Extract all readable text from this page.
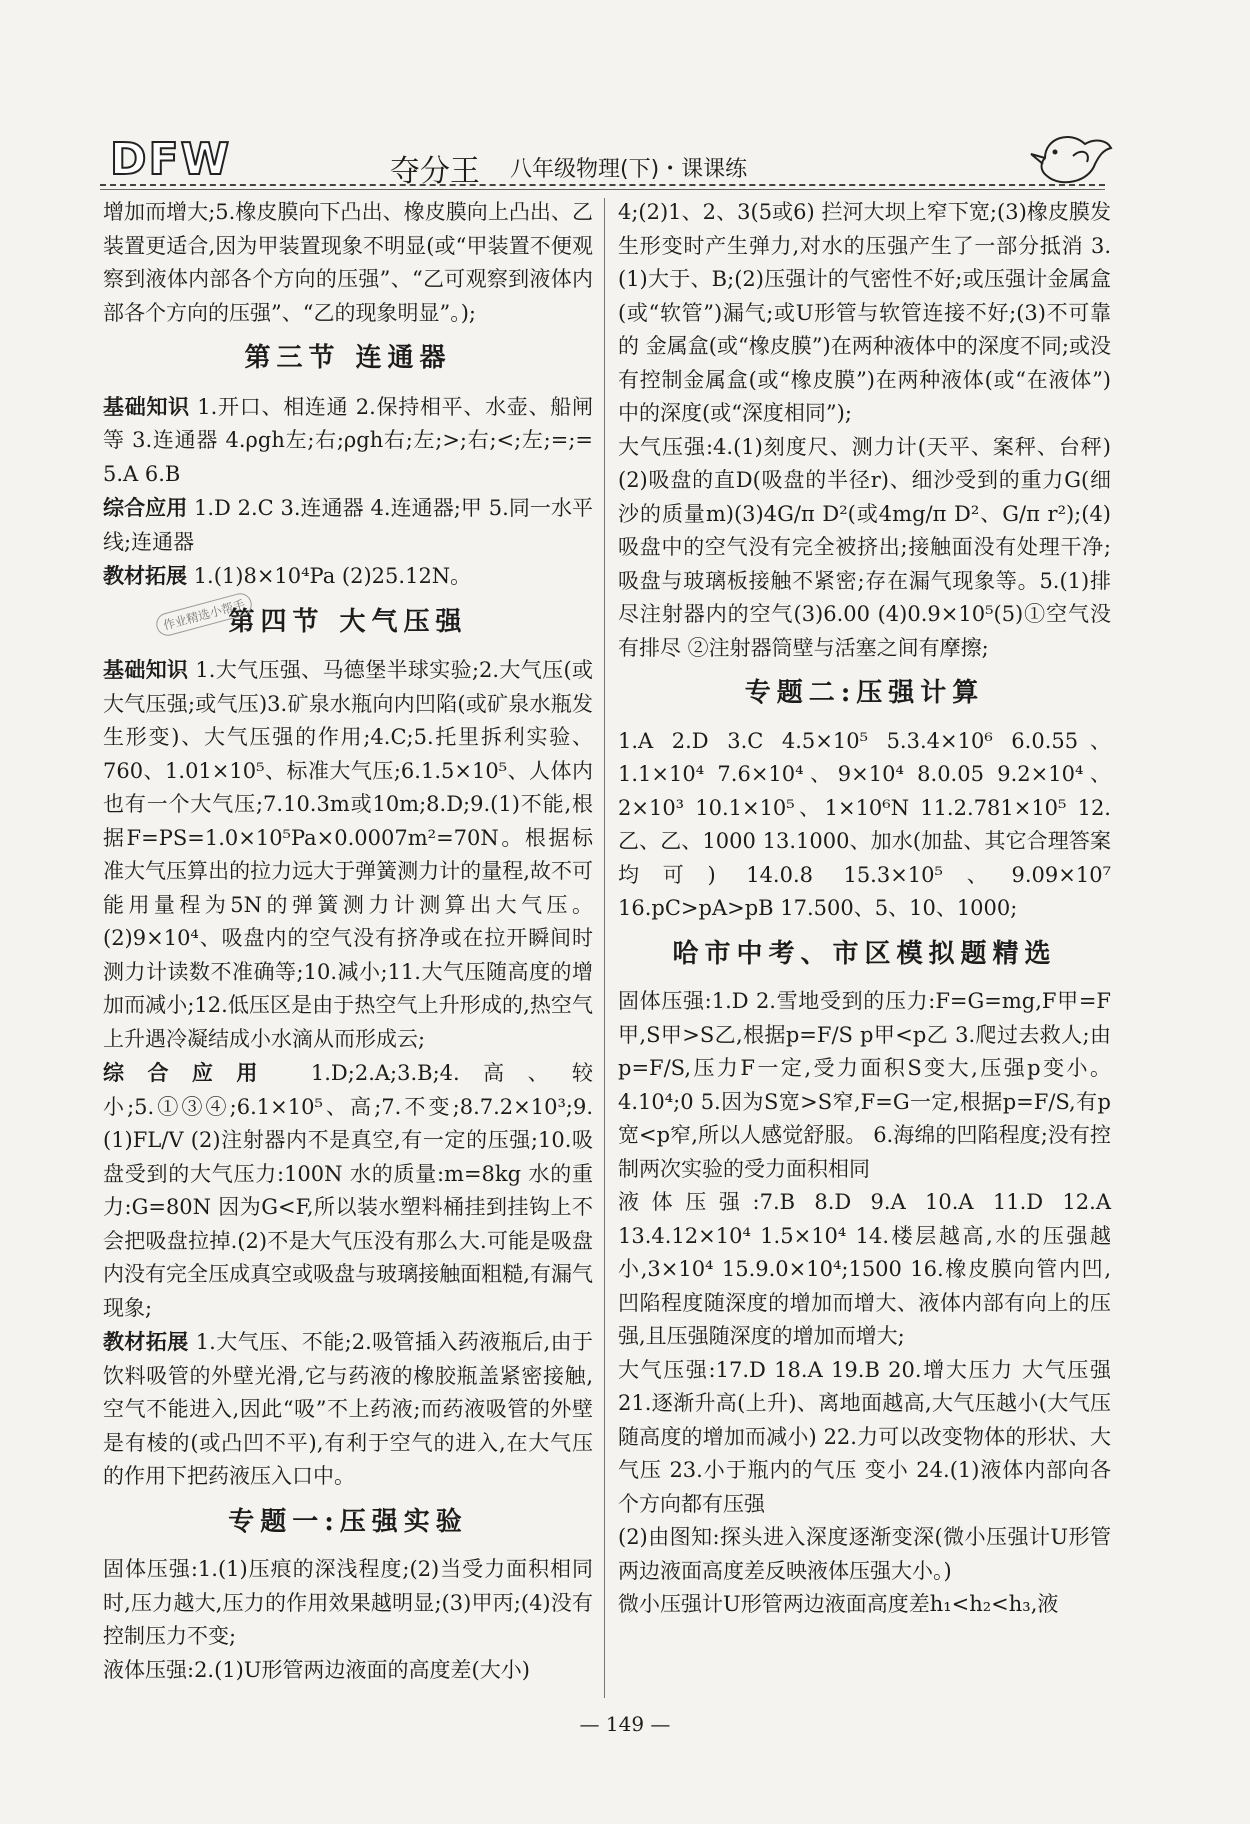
DFW	夺分王 八年级物理(下)・课课练
增加而增大;5.橡皮膜向下凸出、橡皮膜向上凸出、乙装置更适合,因为甲装置现象不明显(或“甲装置不便观察到液体内部各个方向的压强”、“乙可观察到液体内部各个方向的压强”、“乙的现象明显”。);
第三节 连通器
基础知识 1.开口、相连通 2.保持相平、水壶、船闸等 3.连通器 4.ρgh左;右;ρgh右;左;>;右;<;左;=;= 5.A 6.B
综合应用 1.D 2.C 3.连通器 4.连通器;甲 5.同一水平线;连通器
教材拓展 1.(1)8×10⁴Pa (2)25.12N。
第四节 大气压强
基础知识 1.大气压强、马德堡半球实验;2.大气压(或大气压强;或气压)3.矿泉水瓶向内凹陷(或矿泉水瓶发生形变)、大气压强的作用;4.C;5.托里拆利实验、760、1.01×10⁵、标准大气压;6.1.5×10⁵、人体内也有一个大气压;7.10.3m或10m;8.D;9.(1)不能,根据F=PS=1.0×10⁵Pa×0.0007m²=70N。根据标准大气压算出的拉力远大于弹簧测力计的量程,故不可能用量程为5N的弹簧测力计测算出大气压。(2)9×10⁴、吸盘内的空气没有挤净或在拉开瞬间时测力计读数不准确等;10.减小;11.大气压随高度的增加而减小;12.低压区是由于热空气上升形成的,热空气上升遇冷凝结成小水滴从而形成云;
综合应用 1.D;2.A;3.B;4.高、较小;5.①③④;6.1×10⁵、高;7.不变;8.7.2×10³;9.(1)FL/V (2)注射器内不是真空,有一定的压强;10.吸盘受到的大气压力:100N 水的质量:m=8kg 水的重力:G=80N 因为G<F,所以装水塑料桶挂到挂钩上不会把吸盘拉掉.(2)不是大气压没有那么大.可能是吸盘内没有完全压成真空或吸盘与玻璃接触面粗糙,有漏气现象;
教材拓展 1.大气压、不能;2.吸管插入药液瓶后,由于饮料吸管的外壁光滑,它与药液的橡胶瓶盖紧密接触,空气不能进入,因此“吸”不上药液;而药液吸管的外壁是有棱的(或凸凹不平),有利于空气的进入,在大气压的作用下把药液压入口中。
专题一:压强实验
固体压强:1.(1)压痕的深浅程度;(2)当受力面积相同时,压力越大,压力的作用效果越明显;(3)甲丙;(4)没有控制压力不变;
液体压强:2.(1)U形管两边液面的高度差(大小)
4;(2)1、2、3(5或6) 拦河大坝上窄下宽;(3)橡皮膜发生形变时产生弹力,对水的压强产生了一部分抵消 3.(1)大于、B;(2)压强计的气密性不好;或压强计金属盒(或“软管”)漏气;或U形管与软管连接不好;(3)不可靠的 金属盒(或“橡皮膜”)在两种液体中的深度不同;或没有控制金属盒(或“橡皮膜”)在两种液体(或“在液体”)中的深度(或“深度相同”);
大气压强:4.(1)刻度尺、测力计(天平、案秤、台秤)(2)吸盘的直D(吸盘的半径r)、细沙受到的重力G(细沙的质量m)(3)4G/π D²(或4mg/π D²、G/π r²);(4)吸盘中的空气没有完全被挤出;接触面没有处理干净;吸盘与玻璃板接触不紧密;存在漏气现象等。5.(1)排尽注射器内的空气(3)6.00 (4)0.9×10⁵(5)①空气没有排尽 ②注射器筒壁与活塞之间有摩擦;
专题二:压强计算
1.A 2.D 3.C 4.5×10⁵ 5.3.4×10⁶ 6.0.55、1.1×10⁴ 7.6×10⁴、9×10⁴ 8.0.05 9.2×10⁴、2×10³ 10.1×10⁵、1×10⁶N 11.2.781×10⁵ 12.乙、乙、1000 13.1000、加水(加盐、其它合理答案均可) 14.0.8 15.3×10⁵、9.09×10⁷ 16.pC>pA>pB 17.500、5、10、1000;
哈市中考、市区模拟题精选
固体压强:1.D 2.雪地受到的压力:F=G=mg,F甲=F甲,S甲>S乙,根据p=F/S p甲<p乙 3.爬过去救人;由p=F/S,压力F一定,受力面积S变大,压强p变小。 4.10⁴;0 5.因为S宽>S窄,F=G一定,根据p=F/S,有p宽<p窄,所以人感觉舒服。 6.海绵的凹陷程度;没有控制两次实验的受力面积相同
液体压强:7.B 8.D 9.A 10.A 11.D 12.A 13.4.12×10⁴ 1.5×10⁴ 14.楼层越高,水的压强越小,3×10⁴ 15.9.0×10⁴;1500 16.橡皮膜向管内凹,凹陷程度随深度的增加而增大、液体内部有向上的压强,且压强随深度的增加而增大;
大气压强:17.D 18.A 19.B 20.增大压力 大气压强 21.逐渐升高(上升)、离地面越高,大气压越小(大气压随高度的增加而减小) 22.力可以改变物体的形状、大气压 23.小于瓶内的气压 变小 24.(1)液体内部向各个方向都有压强
(2)由图知:探头进入深度逐渐变深(微小压强计U形管两边液面高度差反映液体压强大小。)
微小压强计U形管两边液面高度差h₁<h₂<h₃,液
作业精选小帮手
— 149 —
